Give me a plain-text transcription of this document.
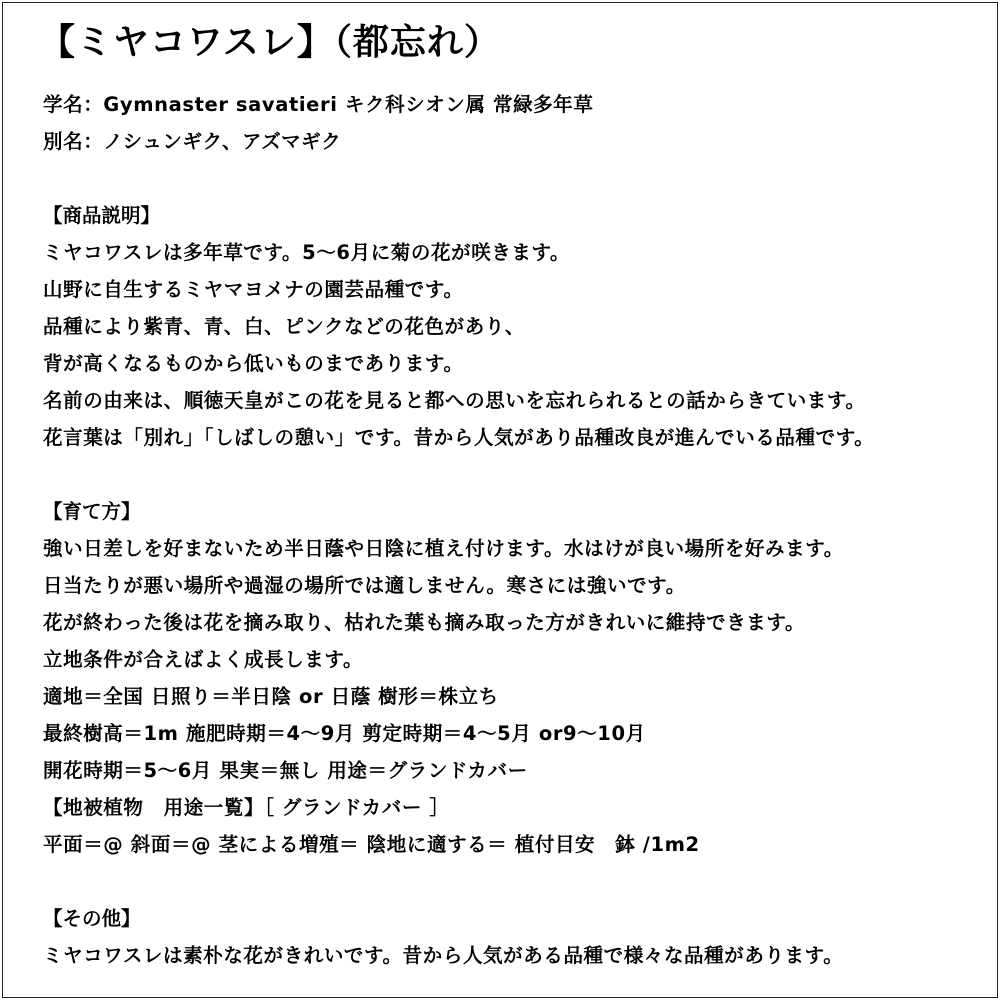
【ミヤコワスレ】（都忘れ）
学名：Gymnaster savatieri キク科シオン属 常緑多年草
別名：ノシュンギク、アズマギク
【商品説明】
ミヤコワスレは多年草です。5～6月に菊の花が咲きます。
山野に自生するミヤマヨメナの園芸品種です。
品種により紫青、青、白、ピンクなどの花色があり、
背が高くなるものから低いものまであります。
名前の由来は、順徳天皇がこの花を見ると都への思いを忘れられるとの話からきています。
花言葉は「別れ」「しばしの憩い」です。昔から人気があり品種改良が進んでいる品種です。
【育て方】
強い日差しを好まないため半日蔭や日陰に植え付けます。水はけが良い場所を好みます。
日当たりが悪い場所や過湿の場所では適しません。寒さには強いです。
花が終わった後は花を摘み取り、枯れた葉も摘み取った方がきれいに維持できます。
立地条件が合えばよく成長します。
適地＝全国 日照り＝半日陰 or 日蔭 樹形＝株立ち
最終樹高＝1m 施肥時期＝4～9月 剪定時期＝4～5月 or9～10月
開花時期＝5～6月 果実＝無し 用途＝グランドカバー
【地被植物　用途一覧】［ グランドカバー ］
平面＝@ 斜面＝@ 茎による増殖＝ 陰地に適する＝ 植付目安　鉢 /1m2
【その他】
ミヤコワスレは素朴な花がきれいです。昔から人気がある品種で様々な品種があります。
